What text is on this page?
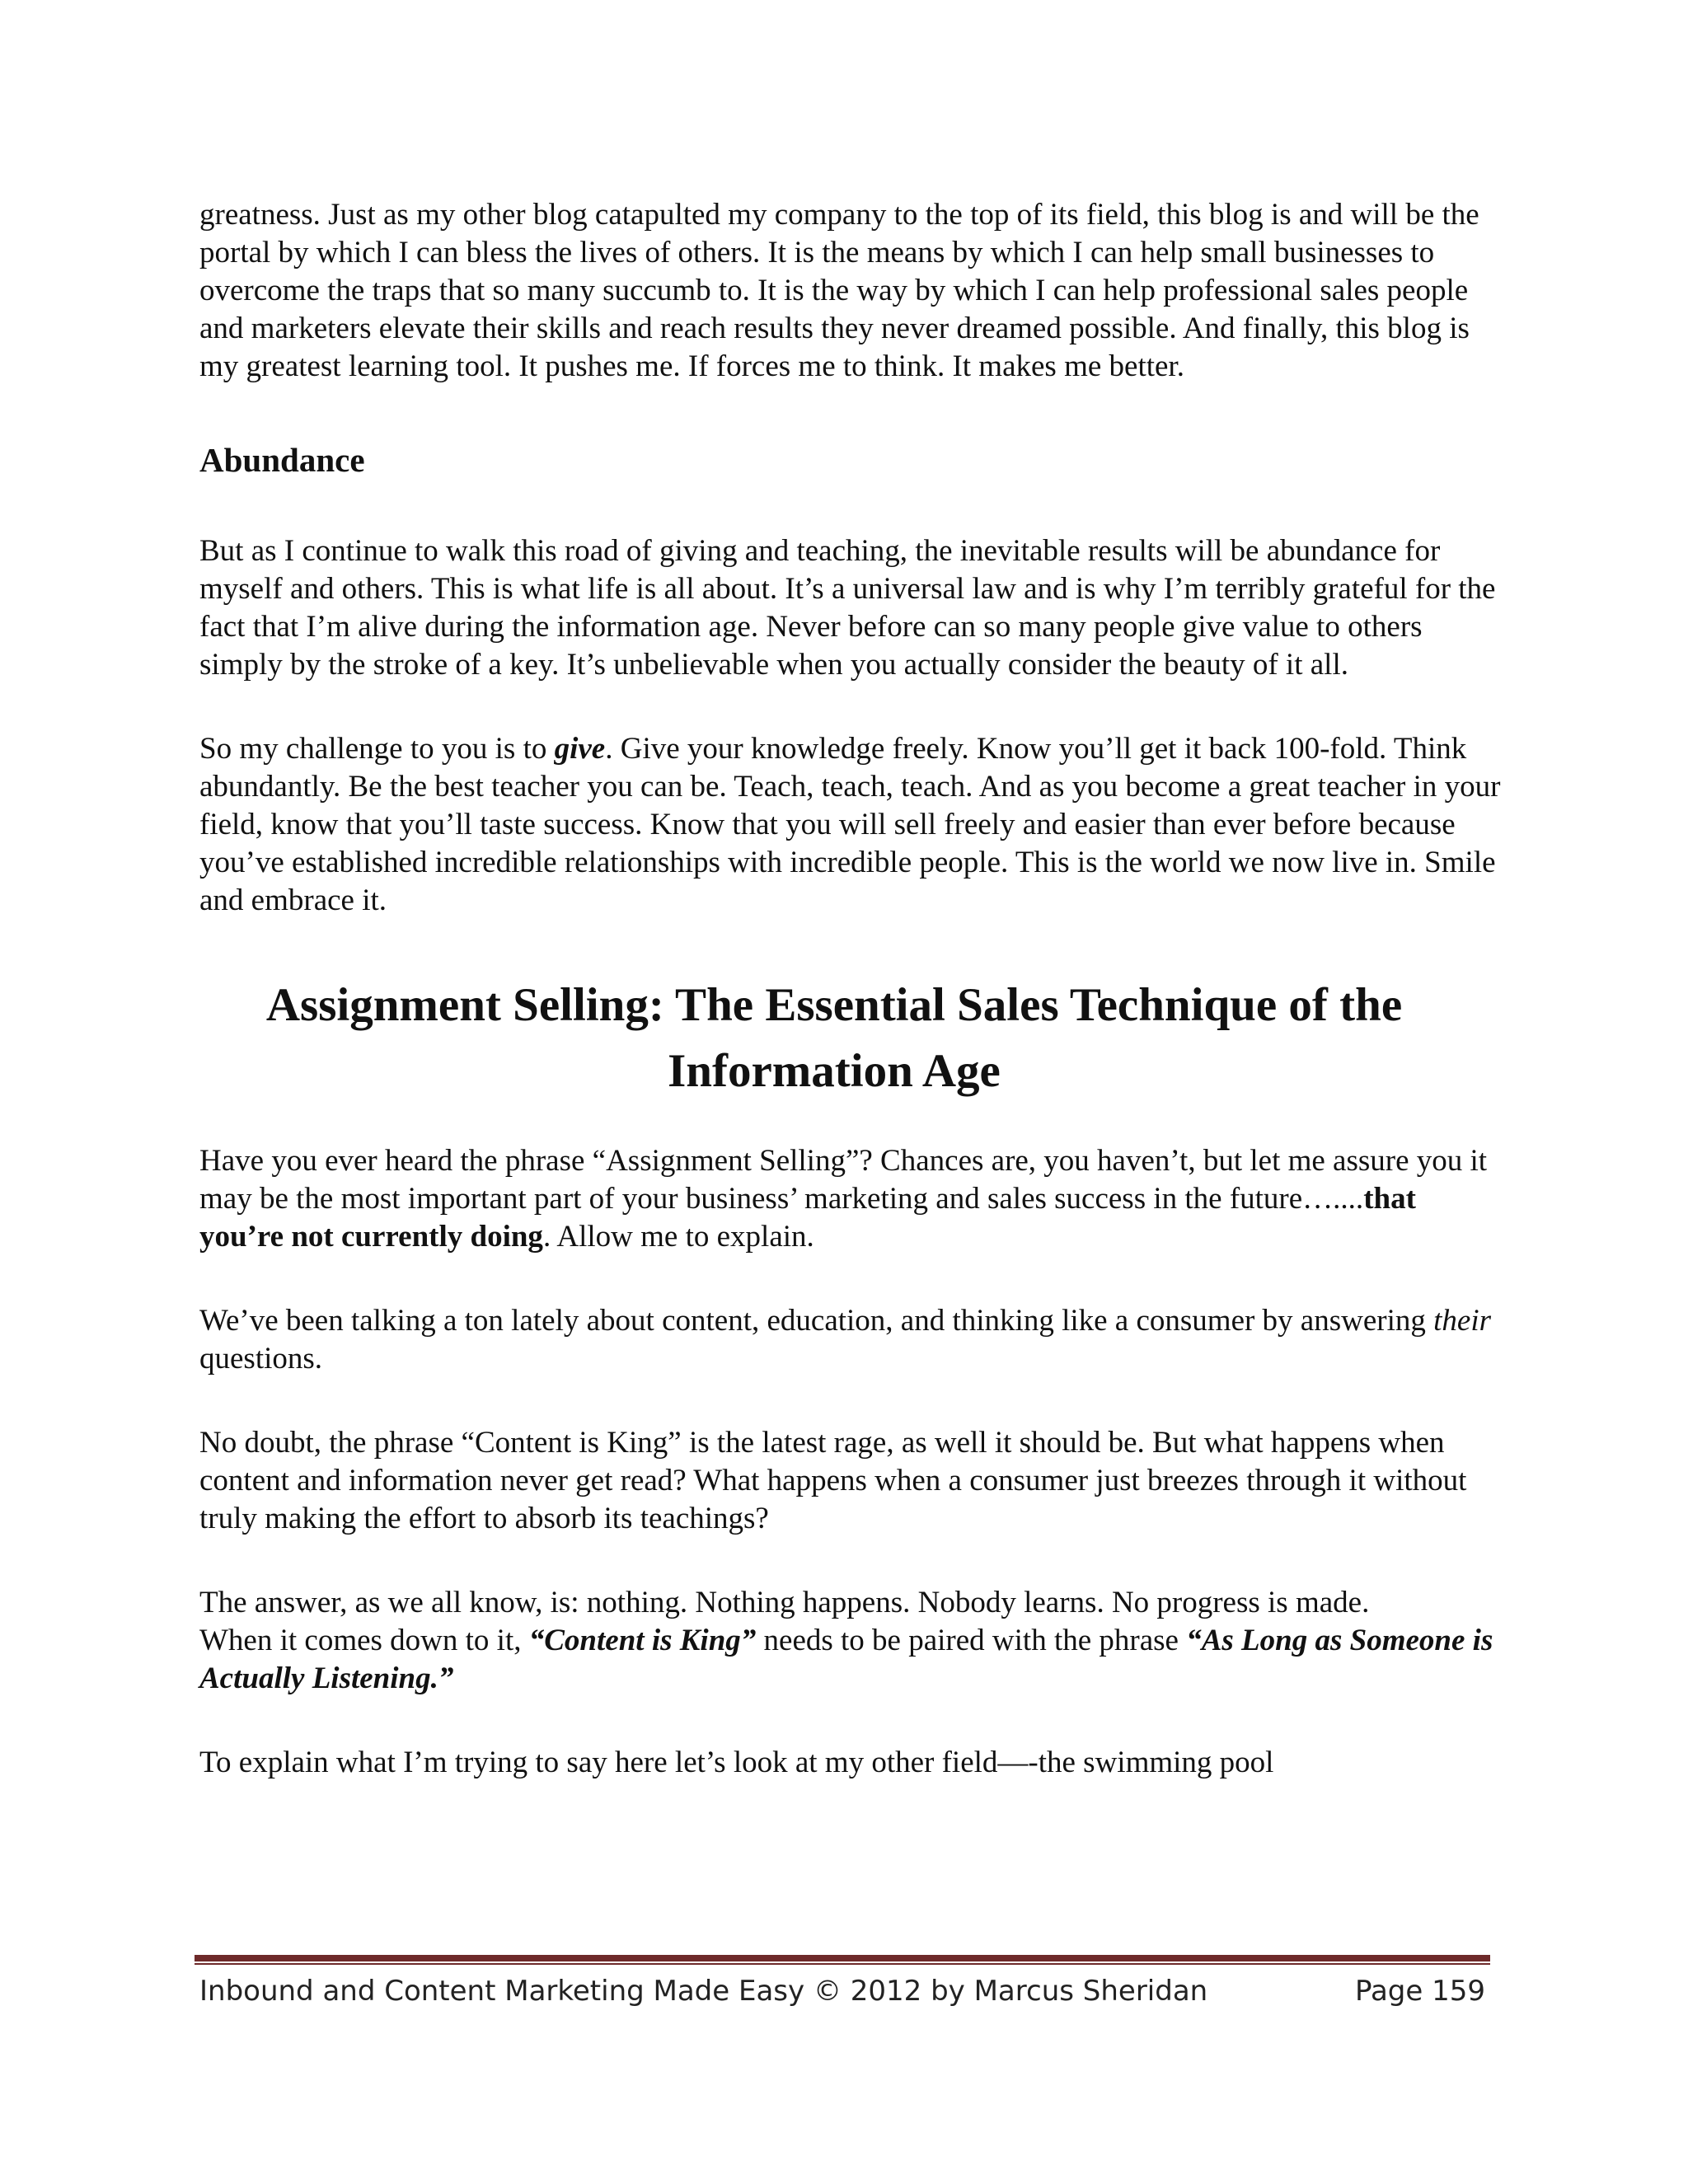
greatness. Just as my other blog catapulted my company to the top of its field, this blog is and will be the portal by which I can bless the lives of others. It is the means by which I can help small businesses to overcome the traps that so many succumb to. It is the way by which I can help professional sales people and marketers elevate their skills and reach results they never dreamed possible. And finally, this blog is my greatest learning tool. It pushes me. If forces me to think. It makes me better.

Abundance

But as I continue to walk this road of giving and teaching, the inevitable results will be abundance for myself and others. This is what life is all about. It’s a universal law and is why I’m terribly grateful for the fact that I’m alive during the information age. Never before can so many people give value to others simply by the stroke of a key. It’s unbelievable when you actually consider the beauty of it all.

So my challenge to you is to give. Give your knowledge freely. Know you’ll get it back 100-fold. Think abundantly. Be the best teacher you can be. Teach, teach, teach. And as you become a great teacher in your field, know that you’ll taste success. Know that you will sell freely and easier than ever before because you’ve established incredible relationships with incredible people. This is the world we now live in. Smile and embrace it.

Assignment Selling: The Essential Sales Technique of the
Information Age

Have you ever heard the phrase “Assignment Selling”? Chances are, you haven’t, but let me assure you it may be the most important part of your business’ marketing and sales success in the future…....that you’re not currently doing. Allow me to explain.

We’ve been talking a ton lately about content, education, and thinking like a consumer by answering their questions.

No doubt, the phrase “Content is King” is the latest rage, as well it should be. But what happens when content and information never get read? What happens when a consumer just breezes through it without truly making the effort to absorb its teachings?

The answer, as we all know, is: nothing. Nothing happens. Nobody learns. No progress is made.
When it comes down to it, “Content is King” needs to be paired with the phrase “As Long as Someone is Actually Listening.”

To explain what I’m trying to say here let’s look at my other field—-the swimming pool

Inbound and Content Marketing Made Easy © 2012 by Marcus Sheridan	Page 159
